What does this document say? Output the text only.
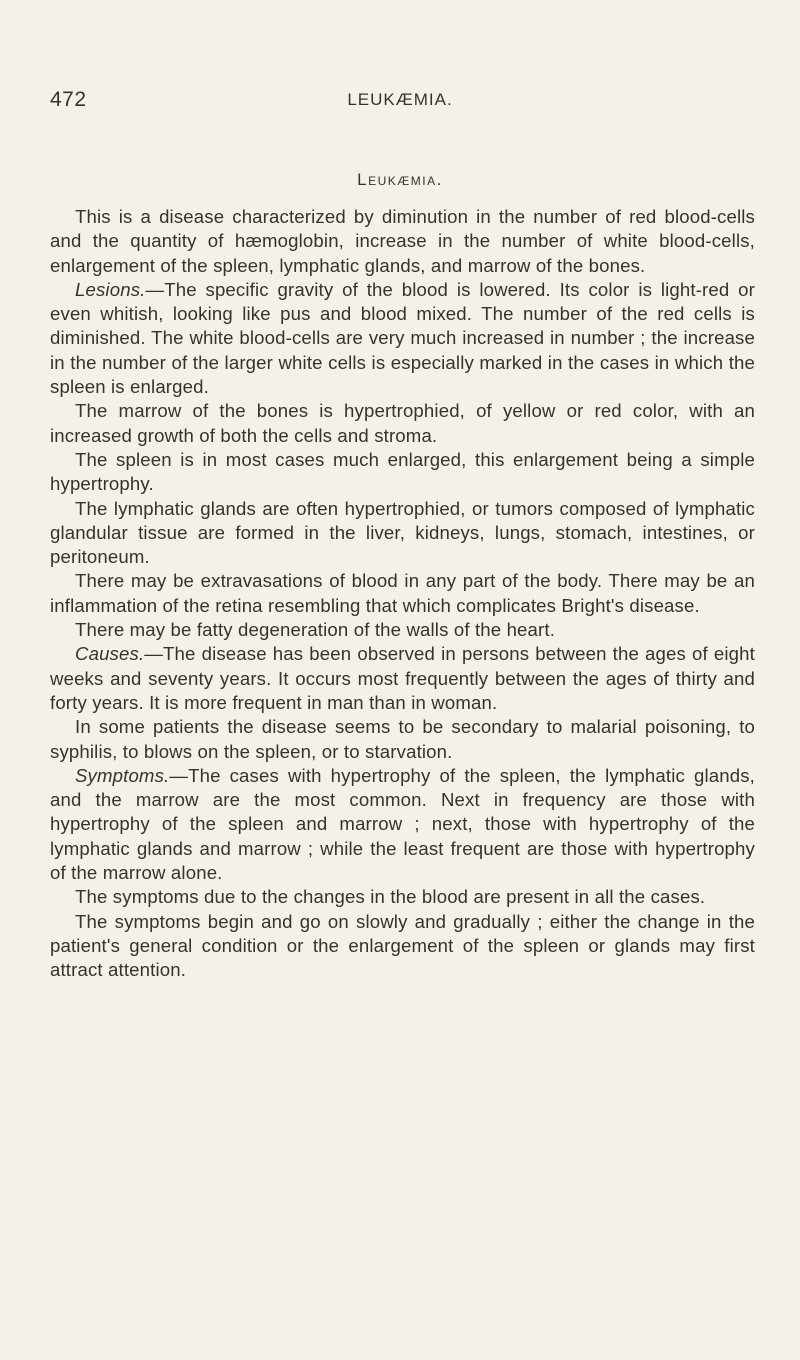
472	LEUKÆMIA.
Leukæmia.

This is a disease characterized by diminution in the number of red blood-cells and the quantity of hæmoglobin, increase in the number of white blood-cells, enlargement of the spleen, lymphatic glands, and marrow of the bones.

Lesions.—The specific gravity of the blood is lowered. Its color is light-red or even whitish, looking like pus and blood mixed. The number of the red cells is diminished. The white blood-cells are very much increased in number ; the increase in the number of the larger white cells is especially marked in the cases in which the spleen is enlarged.

The marrow of the bones is hypertrophied, of yellow or red color, with an increased growth of both the cells and stroma.

The spleen is in most cases much enlarged, this enlargement being a simple hypertrophy.

The lymphatic glands are often hypertrophied, or tumors composed of lymphatic glandular tissue are formed in the liver, kidneys, lungs, stomach, intestines, or peritoneum.

There may be extravasations of blood in any part of the body. There may be an inflammation of the retina resembling that which complicates Bright's disease.

There may be fatty degeneration of the walls of the heart.

Causes.—The disease has been observed in persons between the ages of eight weeks and seventy years. It occurs most frequently between the ages of thirty and forty years. It is more frequent in man than in woman.

In some patients the disease seems to be secondary to malarial poisoning, to syphilis, to blows on the spleen, or to starvation.

Symptoms.—The cases with hypertrophy of the spleen, the lymphatic glands, and the marrow are the most common. Next in frequency are those with hypertrophy of the spleen and marrow ; next, those with hypertrophy of the lymphatic glands and marrow ; while the least frequent are those with hypertrophy of the marrow alone.

The symptoms due to the changes in the blood are present in all the cases.

The symptoms begin and go on slowly and gradually ; either the change in the patient's general condition or the enlargement of the spleen or glands may first attract attention.
